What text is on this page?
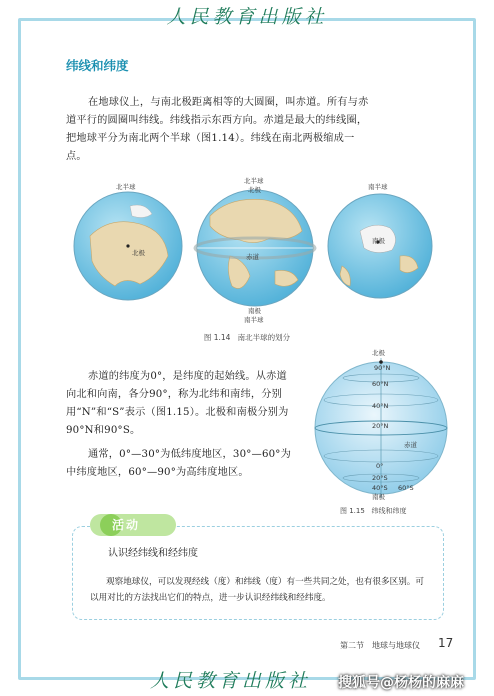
人民教育出版社
纬线和纬度

在地球仪上，与南北极距离相等的大圆圈，叫赤道。所有与赤道平行的圆圈叫纬线。纬线指示东西方向。赤道是最大的纬线圈，把地球平分为南北两个半球（图1.14）。纬线在南北两极缩成一点。

北半球
北极
北半球
北极
赤道
南极
南半球
南半球
南极
图 1.14 南北半球的划分

赤道的纬度为0°，是纬度的起始线。从赤道向北和向南，各分90°，称为北纬和南纬，分别用“N”和“S”表示（图1.15）。北极和南极分别为90°N和90°S。

通常，0°—30°为低纬度地区，30°—60°为中纬度地区，60°—90°为高纬度地区。

北极
90°N
60°N
40°N
20°N
0°
20°S
40°S 60°S
赤道
南极
图 1.15 纬线和纬度
活动
认识经纬线和经纬度

观察地球仪，可以发现经线（度）和纬线（度）有一些共同之处，也有很多区别。可以用对比的方法找出它们的特点，进一步认识经纬线和经纬度。

第二节　地球与地球仪 17
人民教育出版社 搜狐号@杨杨的麻麻
